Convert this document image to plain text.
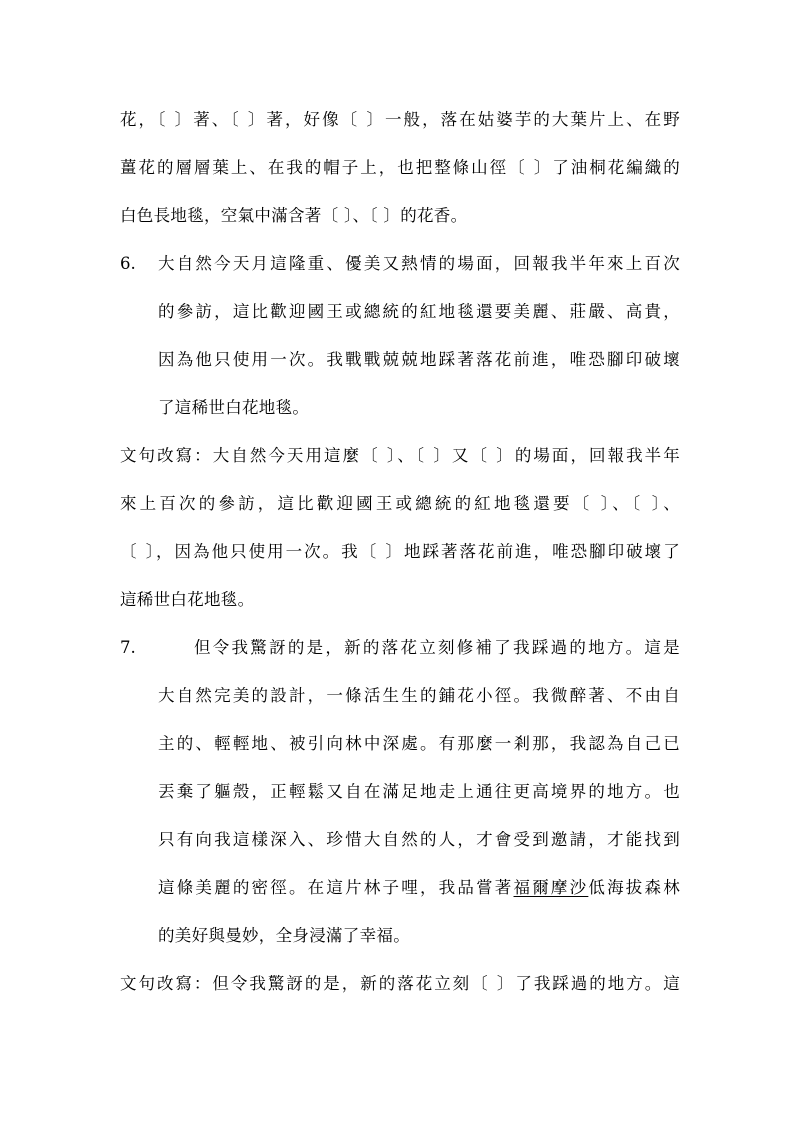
花，〔 〕著、〔 〕著，好像〔 〕一般，落在姑婆芋的大葉片上、在野
薑花的層層葉上、在我的帽子上，也把整條山徑〔 〕了油桐花編織的
白色長地毯，空氣中滿含著〔 〕、〔 〕的花香。
6. 大自然今天月這隆重、優美又熱情的場面，回報我半年來上百次
的參訪，這比歡迎國王或總統的紅地毯還要美麗、莊嚴、高貴，
因為他只使用一次。我戰戰兢兢地踩著落花前進，唯恐腳印破壞
了這稀世白花地毯。
文句改寫：大自然今天用這麼〔 〕、〔 〕又〔 〕的場面，回報我半年
來上百次的參訪，這比歡迎國王或總統的紅地毯還要〔 〕、〔 〕、
〔 〕，因為他只使用一次。我〔 〕地踩著落花前進，唯恐腳印破壞了
這稀世白花地毯。
7.	但令我驚訝的是，新的落花立刻修補了我踩過的地方。這是
大自然完美的設計，一條活生生的鋪花小徑。我微醉著、不由自
主的、輕輕地、被引向林中深處。有那麼一剎那，我認為自己已
丟棄了軀殼，正輕鬆又自在滿足地走上通往更高境界的地方。也
只有向我這樣深入、珍惜大自然的人，才會受到邀請，才能找到
這條美麗的密徑。在這片林子哩，我品嘗著福爾摩沙低海拔森林
的美好與曼妙，全身浸滿了幸福。
文句改寫：但令我驚訝的是，新的落花立刻〔 〕了我踩過的地方。這
